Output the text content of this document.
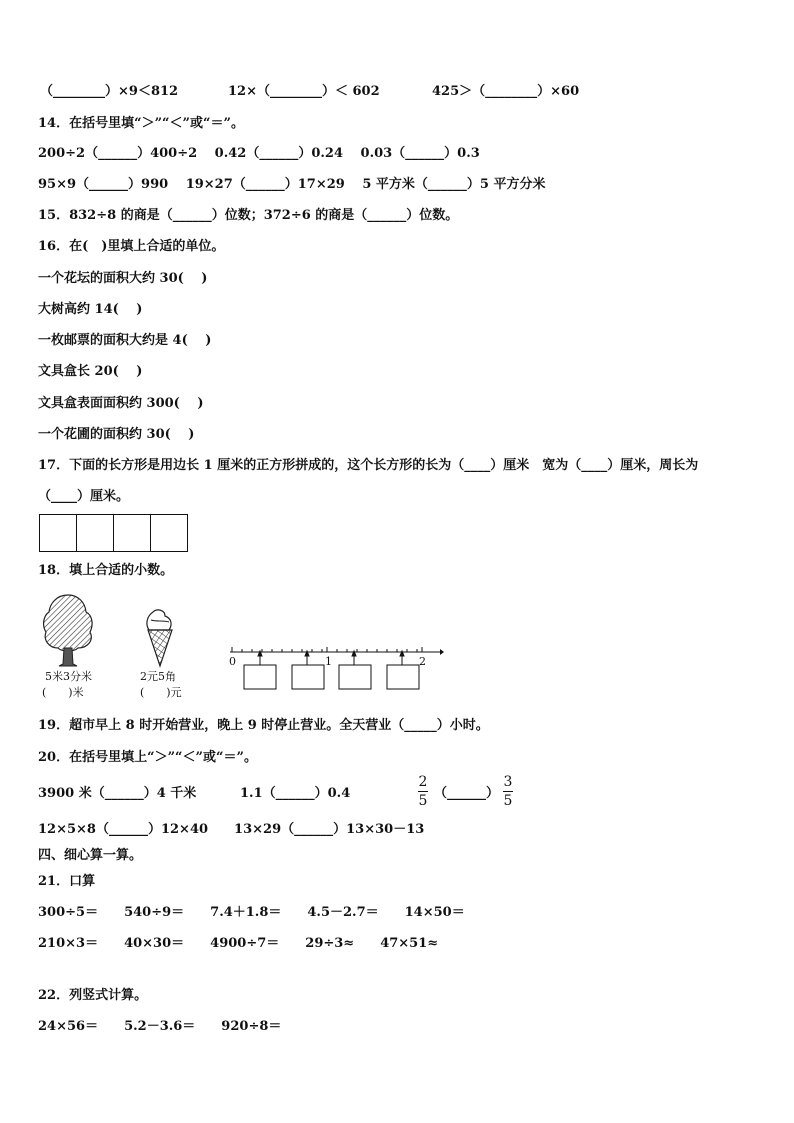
（________）×9＜812	12×（________）＜ 602	425＞（________）×60
14．在括号里填“＞”“＜”或“＝”。
200÷2（______）400÷2　 0.42（______）0.24　 0.03（______）0.3
95×9（______）990　 19×27（______）17×29　 5 平方米（______）5 平方分米
15．832÷8 的商是（______）位数；372÷6 的商是（______）位数。
16．在(　)里填上合适的单位。
一个花坛的面积大约 30(　 )
大树高约 14(　 )
一枚邮票的面积大约是 4(　 )
文具盒长 20(　 )
文具盒表面面积约 300(　 )
一个花圃的面积约 30(　 )
17．下面的长方形是用边长 1 厘米的正方形拼成的，这个长方形的长为（____）厘米　宽为（____）厘米，周长为
（____）厘米。
18．填上合适的小数。
5米3分米
(　　)米
2元5角
(　　)元
0	1	2
19．超市早上 8 时开始营业，晚上 9 时停止营业。全天营业（_____）小时。
20．在括号里填上“＞”“＜”或“＝”。
3900 米（______）4 千米	1.1（______）0.4
2
5 （______）
3
5
12×5×8（______）12×40　　13×29（______）13×30－13
四、细心算一算。
21．口算
300÷5＝　　540÷9＝　　7.4＋1.8＝　　4.5－2.7＝　　14×50＝
210×3＝　　40×30＝　　4900÷7＝　　29÷3≈　　47×51≈
22．列竖式计算。
24×56＝　　5.2－3.6＝　　920÷8＝
